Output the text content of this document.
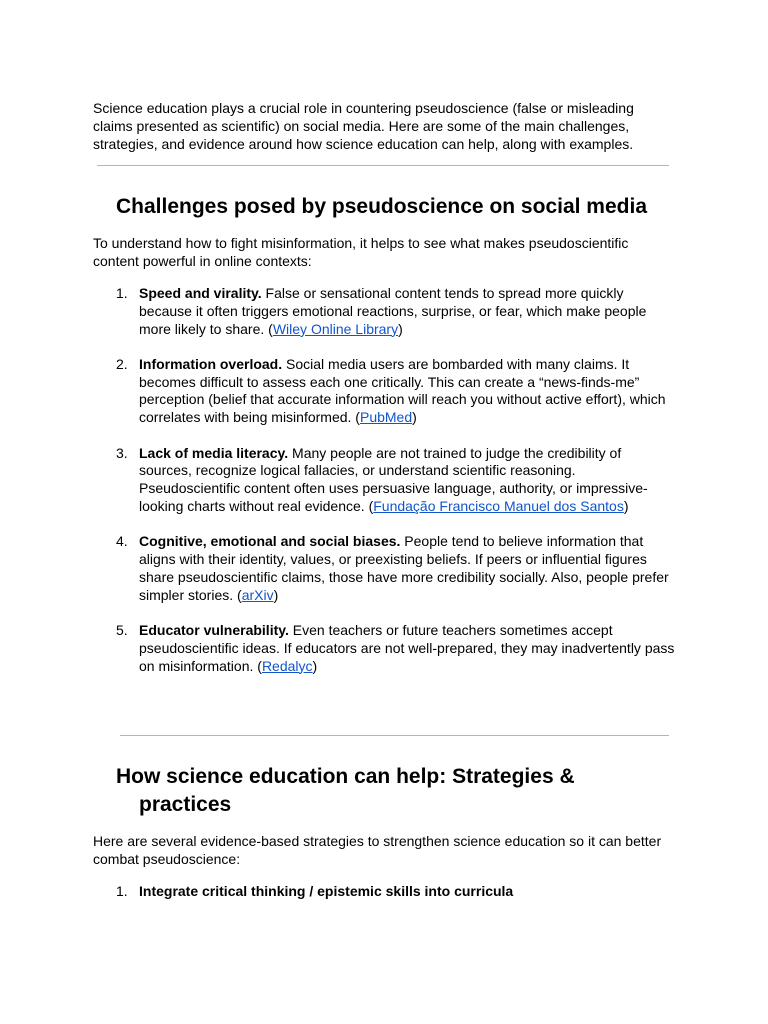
Science education plays a crucial role in countering pseudoscience (false or misleading claims presented as scientific) on social media. Here are some of the main challenges, strategies, and evidence around how science education can help, along with examples.

Challenges posed by pseudoscience on social media

To understand how to fight misinformation, it helps to see what makes pseudoscientific content powerful in online contexts:

1. Speed and virality. False or sensational content tends to spread more quickly because it often triggers emotional reactions, surprise, or fear, which make people more likely to share. (Wiley Online Library)
2. Information overload. Social media users are bombarded with many claims. It becomes difficult to assess each one critically. This can create a “news-finds-me” perception (belief that accurate information will reach you without active effort), which correlates with being misinformed. (PubMed)
3. Lack of media literacy. Many people are not trained to judge the credibility of sources, recognize logical fallacies, or understand scientific reasoning. Pseudoscientific content often uses persuasive language, authority, or impressive-looking charts without real evidence. (Fundação Francisco Manuel dos Santos)
4. Cognitive, emotional and social biases. People tend to believe information that aligns with their identity, values, or preexisting beliefs. If peers or influential figures share pseudoscientific claims, those have more credibility socially. Also, people prefer simpler stories. (arXiv)
5. Educator vulnerability. Even teachers or future teachers sometimes accept pseudoscientific ideas. If educators are not well-prepared, they may inadvertently pass on misinformation. (Redalyc)
How science education can help: Strategies &
practices

Here are several evidence-based strategies to strengthen science education so it can better combat pseudoscience:

1. Integrate critical thinking / epistemic skills into curricula
